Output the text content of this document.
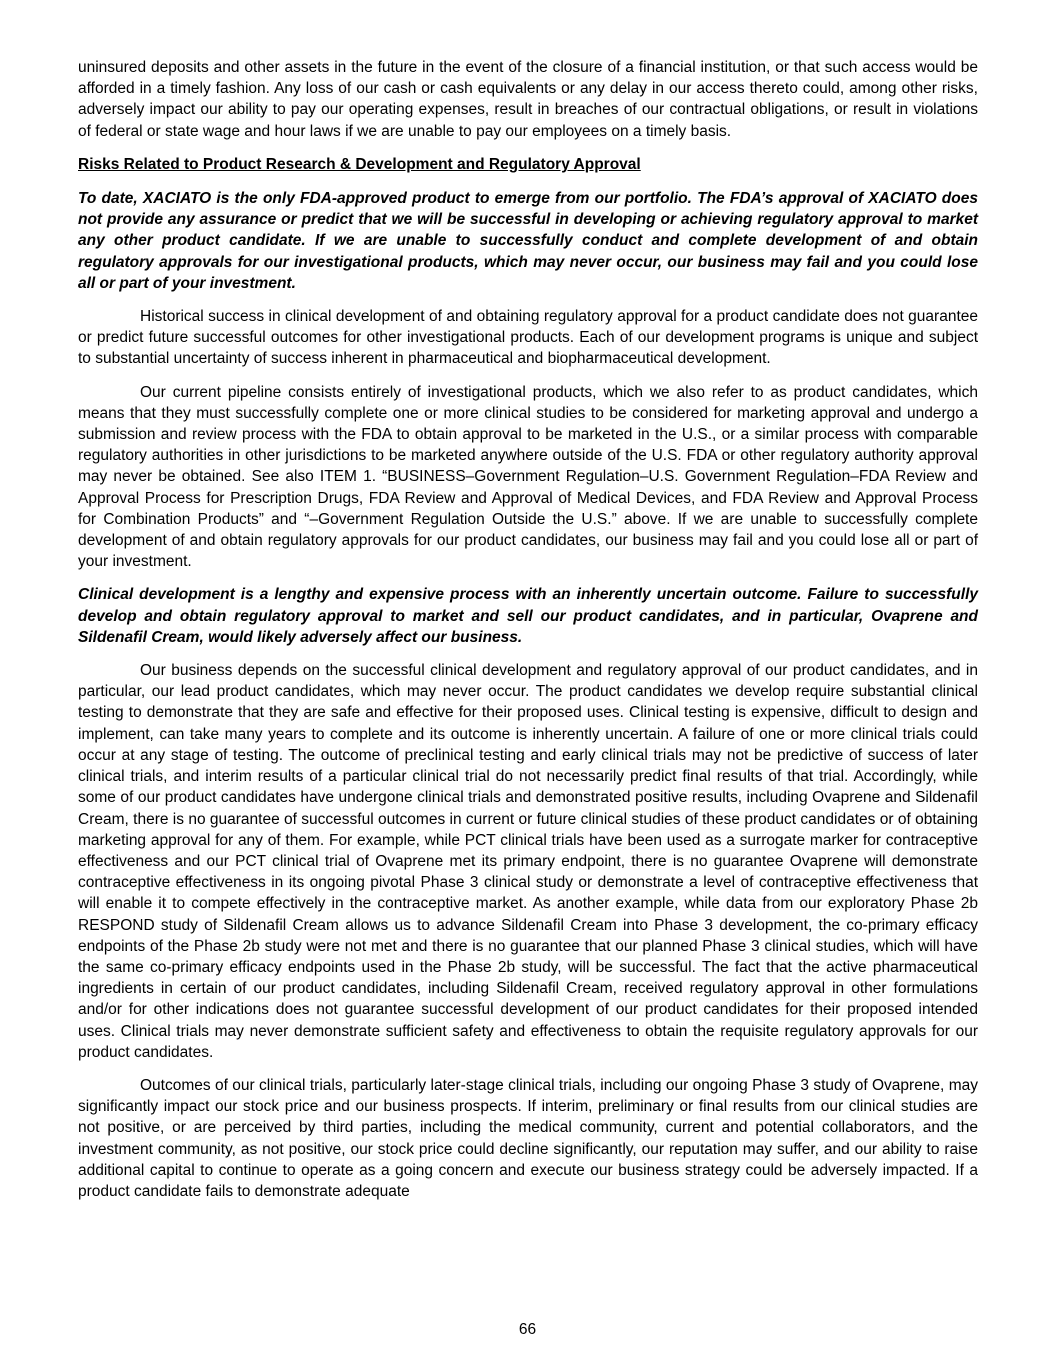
uninsured deposits and other assets in the future in the event of the closure of a financial institution, or that such access would be afforded in a timely fashion. Any loss of our cash or cash equivalents or any delay in our access thereto could, among other risks, adversely impact our ability to pay our operating expenses, result in breaches of our contractual obligations, or result in violations of federal or state wage and hour laws if we are unable to pay our employees on a timely basis.

Risks Related to Product Research & Development and Regulatory Approval

To date, XACIATO is the only FDA-approved product to emerge from our portfolio. The FDA’s approval of XACIATO does not provide any assurance or predict that we will be successful in developing or achieving regulatory approval to market any other product candidate. If we are unable to successfully conduct and complete development of and obtain regulatory approvals for our investigational products, which may never occur, our business may fail and you could lose all or part of your investment.

Historical success in clinical development of and obtaining regulatory approval for a product candidate does not guarantee or predict future successful outcomes for other investigational products. Each of our development programs is unique and subject to substantial uncertainty of success inherent in pharmaceutical and biopharmaceutical development.

Our current pipeline consists entirely of investigational products, which we also refer to as product candidates, which means that they must successfully complete one or more clinical studies to be considered for marketing approval and undergo a submission and review process with the FDA to obtain approval to be marketed in the U.S., or a similar process with comparable regulatory authorities in other jurisdictions to be marketed anywhere outside of the U.S. FDA or other regulatory authority approval may never be obtained. See also ITEM 1. “BUSINESS–Government Regulation–U.S. Government Regulation–FDA Review and Approval Process for Prescription Drugs, FDA Review and Approval of Medical Devices, and FDA Review and Approval Process for Combination Products” and “–Government Regulation Outside the U.S.” above. If we are unable to successfully complete development of and obtain regulatory approvals for our product candidates, our business may fail and you could lose all or part of your investment.

Clinical development is a lengthy and expensive process with an inherently uncertain outcome. Failure to successfully develop and obtain regulatory approval to market and sell our product candidates, and in particular, Ovaprene and Sildenafil Cream, would likely adversely affect our business.

Our business depends on the successful clinical development and regulatory approval of our product candidates, and in particular, our lead product candidates, which may never occur. The product candidates we develop require substantial clinical testing to demonstrate that they are safe and effective for their proposed uses. Clinical testing is expensive, difficult to design and implement, can take many years to complete and its outcome is inherently uncertain. A failure of one or more clinical trials could occur at any stage of testing. The outcome of preclinical testing and early clinical trials may not be predictive of success of later clinical trials, and interim results of a particular clinical trial do not necessarily predict final results of that trial. Accordingly, while some of our product candidates have undergone clinical trials and demonstrated positive results, including Ovaprene and Sildenafil Cream, there is no guarantee of successful outcomes in current or future clinical studies of these product candidates or of obtaining marketing approval for any of them. For example, while PCT clinical trials have been used as a surrogate marker for contraceptive effectiveness and our PCT clinical trial of Ovaprene met its primary endpoint, there is no guarantee Ovaprene will demonstrate contraceptive effectiveness in its ongoing pivotal Phase 3 clinical study or demonstrate a level of contraceptive effectiveness that will enable it to compete effectively in the contraceptive market. As another example, while data from our exploratory Phase 2b RESPOND study of Sildenafil Cream allows us to advance Sildenafil Cream into Phase 3 development, the co-primary efficacy endpoints of the Phase 2b study were not met and there is no guarantee that our planned Phase 3 clinical studies, which will have the same co-primary efficacy endpoints used in the Phase 2b study, will be successful. The fact that the active pharmaceutical ingredients in certain of our product candidates, including Sildenafil Cream, received regulatory approval in other formulations and/or for other indications does not guarantee successful development of our product candidates for their proposed intended uses. Clinical trials may never demonstrate sufficient safety and effectiveness to obtain the requisite regulatory approvals for our product candidates.

Outcomes of our clinical trials, particularly later-stage clinical trials, including our ongoing Phase 3 study of Ovaprene, may significantly impact our stock price and our business prospects. If interim, preliminary or final results from our clinical studies are not positive, or are perceived by third parties, including the medical community, current and potential collaborators, and the investment community, as not positive, our stock price could decline significantly, our reputation may suffer, and our ability to raise additional capital to continue to operate as a going concern and execute our business strategy could be adversely impacted. If a product candidate fails to demonstrate adequate

66
